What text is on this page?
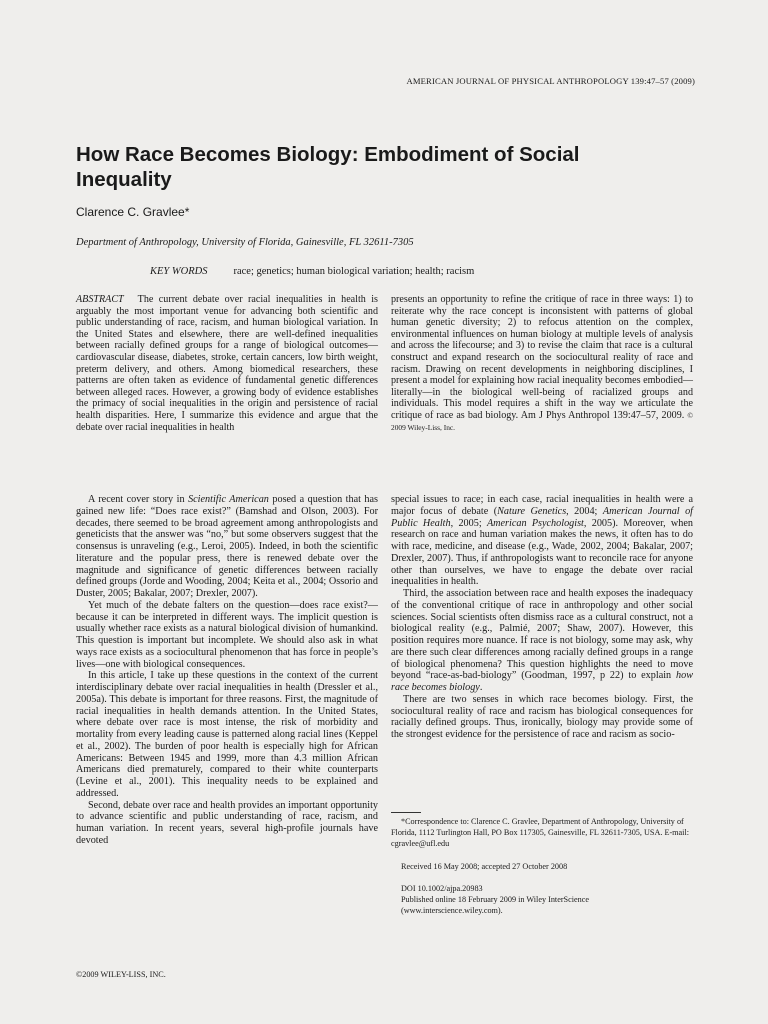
AMERICAN JOURNAL OF PHYSICAL ANTHROPOLOGY 139:47–57 (2009)
How Race Becomes Biology: Embodiment of Social Inequality
Clarence C. Gravlee*
Department of Anthropology, University of Florida, Gainesville, FL 32611-7305
KEY WORDS race; genetics; human biological variation; health; racism

ABSTRACT The current debate over racial inequalities in health is arguably the most important venue for advancing both scientific and public understanding of race, racism, and human biological variation. In the United States and elsewhere, there are well-defined inequalities between racially defined groups for a range of biological outcomes—cardiovascular disease, diabetes, stroke, certain cancers, low birth weight, preterm delivery, and others. Among biomedical researchers, these patterns are often taken as evidence of fundamental genetic differences between alleged races. However, a growing body of evidence establishes the primacy of social inequalities in the origin and persistence of racial health disparities. Here, I summarize this evidence and argue that the debate over racial inequalities in health

presents an opportunity to refine the critique of race in three ways: 1) to reiterate why the race concept is inconsistent with patterns of global human genetic diversity; 2) to refocus attention on the complex, environmental influences on human biology at multiple levels of analysis and across the lifecourse; and 3) to revise the claim that race is a cultural construct and expand research on the sociocultural reality of race and racism. Drawing on recent developments in neighboring disciplines, I present a model for explaining how racial inequality becomes embodied—literally—in the biological well-being of racialized groups and individuals. This model requires a shift in the way we articulate the critique of race as bad biology. Am J Phys Anthropol 139:47–57, 2009. © 2009 Wiley-Liss, Inc.

A recent cover story in Scientific American posed a question that has gained new life: “Does race exist?” (Bamshad and Olson, 2003). For decades, there seemed to be broad agreement among anthropologists and geneticists that the answer was “no,” but some observers suggest that the consensus is unraveling (e.g., Leroi, 2005). Indeed, in both the scientific literature and the popular press, there is renewed debate over the magnitude and significance of genetic differences between racially defined groups (Jorde and Wooding, 2004; Keita et al., 2004; Ossorio and Duster, 2005; Bakalar, 2007; Drexler, 2007).

Yet much of the debate falters on the question—does race exist?—because it can be interpreted in different ways. The implicit question is usually whether race exists as a natural biological division of humankind. This question is important but incomplete. We should also ask in what ways race exists as a sociocultural phenomenon that has force in people’s lives—one with biological consequences.

In this article, I take up these questions in the context of the current interdisciplinary debate over racial inequalities in health (Dressler et al., 2005a). This debate is important for three reasons. First, the magnitude of racial inequalities in health demands attention. In the United States, where debate over race is most intense, the risk of morbidity and mortality from every leading cause is patterned along racial lines (Keppel et al., 2002). The burden of poor health is especially high for African Americans: Between 1945 and 1999, more than 4.3 million African Americans died prematurely, compared to their white counterparts (Levine et al., 2001). This inequality needs to be explained and addressed.

Second, debate over race and health provides an important opportunity to advance scientific and public understanding of race, racism, and human variation. In recent years, several high-profile journals have devoted

special issues to race; in each case, racial inequalities in health were a major focus of debate (Nature Genetics, 2004; American Journal of Public Health, 2005; American Psychologist, 2005). Moreover, when research on race and human variation makes the news, it often has to do with race, medicine, and disease (e.g., Wade, 2002, 2004; Bakalar, 2007; Drexler, 2007). Thus, if anthropologists want to reconcile race for anyone other than ourselves, we have to engage the debate over racial inequalities in health.

Third, the association between race and health exposes the inadequacy of the conventional critique of race in anthropology and other social sciences. Social scientists often dismiss race as a cultural construct, not a biological reality (e.g., Palmié, 2007; Shaw, 2007). However, this position requires more nuance. If race is not biology, some may ask, why are there such clear differences among racially defined groups in a range of biological phenomena? This question highlights the need to move beyond “race-as-bad-biology” (Goodman, 1997, p 22) to explain how race becomes biology.

There are two senses in which race becomes biology. First, the sociocultural reality of race and racism has biological consequences for racially defined groups. Thus, ironically, biology may provide some of the strongest evidence for the persistence of race and racism as socio-

*Correspondence to: Clarence C. Gravlee, Department of Anthropology, University of Florida, 1112 Turlington Hall, PO Box 117305, Gainesville, FL 32611-7305, USA. E-mail: cgravlee@ufl.edu

Received 16 May 2008; accepted 27 October 2008

DOI 10.1002/ajpa.20983

Published online 18 February 2009 in Wiley InterScience (www.interscience.wiley.com).

©2009 WILEY-LISS, INC.
